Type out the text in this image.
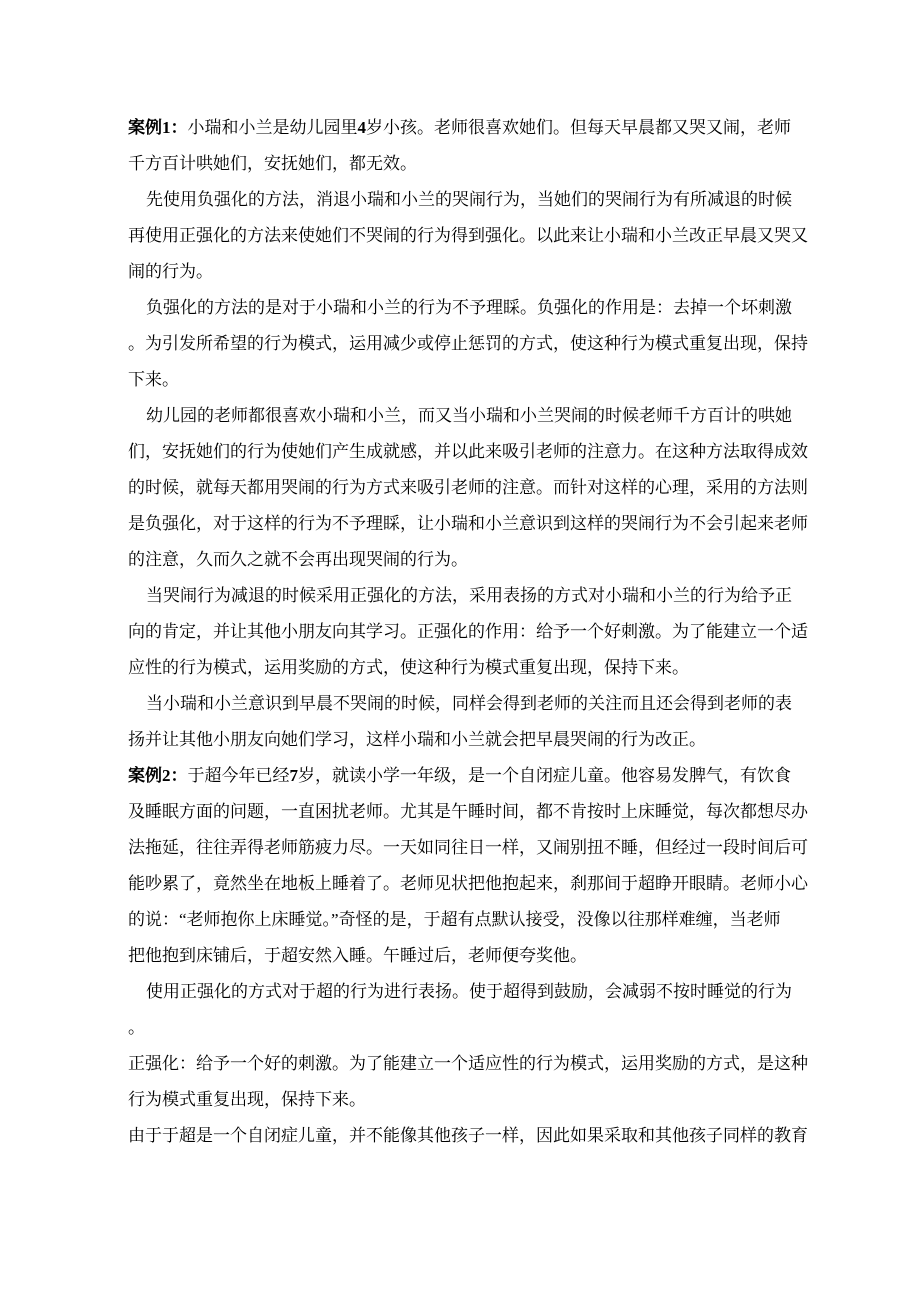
案例1：小瑞和小兰是幼儿园里4岁小孩。老师很喜欢她们。但每天早晨都又哭又闹，老师
千方百计哄她们，安抚她们，都无效。
先使用负强化的方法，消退小瑞和小兰的哭闹行为，当她们的哭闹行为有所减退的时候
再使用正强化的方法来使她们不哭闹的行为得到强化。以此来让小瑞和小兰改正早晨又哭又
闹的行为。
负强化的方法的是对于小瑞和小兰的行为不予理睬。负强化的作用是：去掉一个坏刺激
。为引发所希望的行为模式，运用减少或停止惩罚的方式，使这种行为模式重复出现，保持
下来。
幼儿园的老师都很喜欢小瑞和小兰，而又当小瑞和小兰哭闹的时候老师千方百计的哄她
们，安抚她们的行为使她们产生成就感，并以此来吸引老师的注意力。在这种方法取得成效
的时候，就每天都用哭闹的行为方式来吸引老师的注意。而针对这样的心理，采用的方法则
是负强化，对于这样的行为不予理睬，让小瑞和小兰意识到这样的哭闹行为不会引起来老师
的注意，久而久之就不会再出现哭闹的行为。
当哭闹行为减退的时候采用正强化的方法，采用表扬的方式对小瑞和小兰的行为给予正
向的肯定，并让其他小朋友向其学习。正强化的作用：给予一个好刺激。为了能建立一个适
应性的行为模式，运用奖励的方式，使这种行为模式重复出现，保持下来。
当小瑞和小兰意识到早晨不哭闹的时候，同样会得到老师的关注而且还会得到老师的表
扬并让其他小朋友向她们学习，这样小瑞和小兰就会把早晨哭闹的行为改正。
案例2：于超今年已经7岁，就读小学一年级，是一个自闭症儿童。他容易发脾气，有饮食
及睡眠方面的问题，一直困扰老师。尤其是午睡时间，都不肯按时上床睡觉，每次都想尽办
法拖延，往往弄得老师筋疲力尽。一天如同往日一样，又闹别扭不睡，但经过一段时间后可
能吵累了，竟然坐在地板上睡着了。老师见状把他抱起来，刹那间于超睁开眼睛。老师小心
的说：“老师抱你上床睡觉。”奇怪的是，于超有点默认接受，没像以往那样难缠，当老师
把他抱到床铺后，于超安然入睡。午睡过后，老师便夸奖他。
使用正强化的方式对于超的行为进行表扬。使于超得到鼓励，会减弱不按时睡觉的行为
。
正强化：给予一个好的刺激。为了能建立一个适应性的行为模式，运用奖励的方式，是这种
行为模式重复出现，保持下来。
由于于超是一个自闭症儿童，并不能像其他孩子一样，因此如果采取和其他孩子同样的教育
